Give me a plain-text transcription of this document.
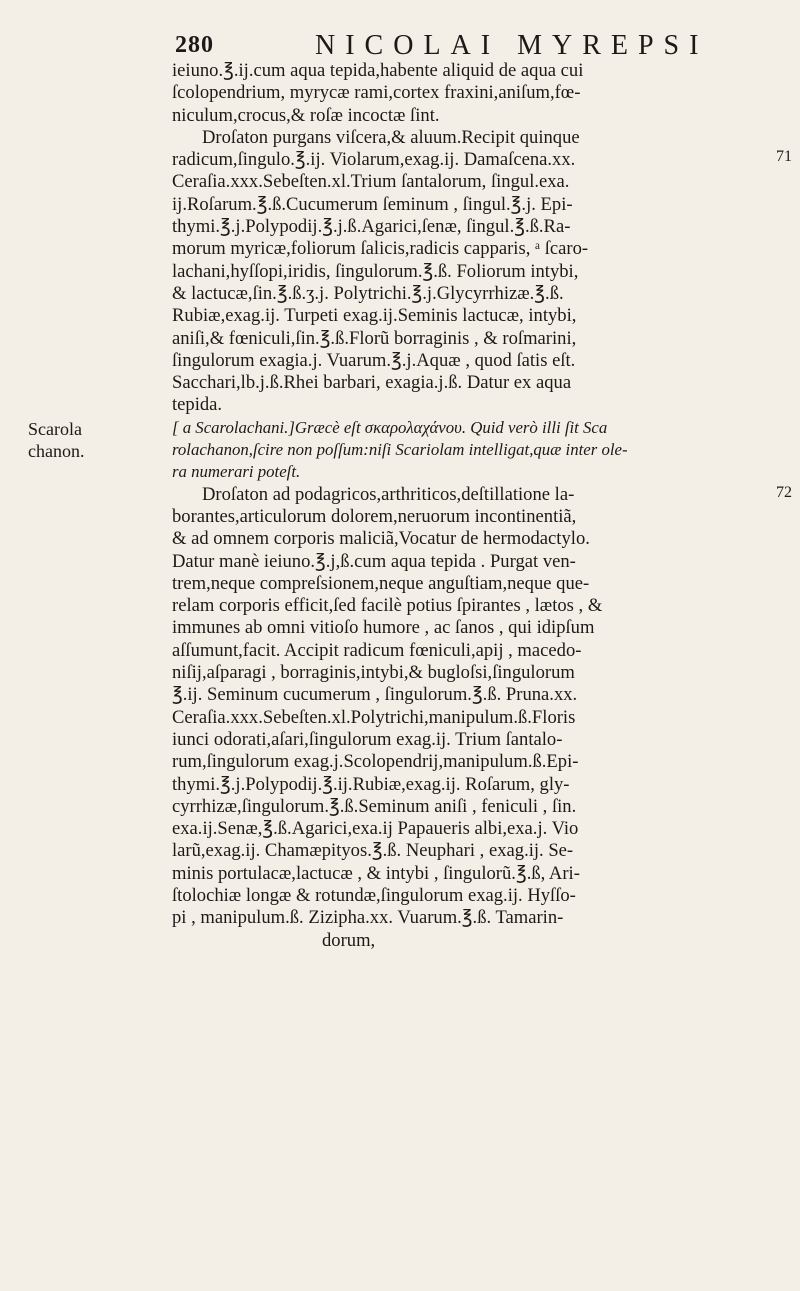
280	NICOLAI MYREPSI
ieiuno.℥.ij.cum aqua tepida,habente aliquid de aqua cui
ſcolopendrium, myrycæ rami,cortex fraxini,aniſum,fœ-
niculum,crocus,& roſæ incoctæ ſint.
Droſaton purgans viſcera,& aluum.Recipit quinque
radicum,ſingulo.℥.ij. Violarum,exag.ij. Damaſcena.xx.
Ceraſia.xxx.Sebeſten.xl.Trium ſantalorum, ſingul.exa.
ij.Roſarum.℥.ß.Cucumerum ſeminum , ſingul.℥.j. Epi-
thymi.℥.j.Polypodij.℥.j.ß.Agarici,ſenæ, ſingul.℥.ß.Ra-
morum myricæ,foliorum ſalicis,radicis capparis, ᵃ ſcaro-
lachani,hyſſopi,iridis, ſingulorum.℥.ß. Foliorum intybi,
& lactucæ,ſin.℥.ß.ʒ.j. Polytrichi.℥.j.Glycyrrhizæ.℥.ß.
Rubiæ,exag.ij. Turpeti exag.ij.Seminis lactucæ, intybi,
aniſi,& fœniculi,ſin.℥.ß.Florũ borraginis , & roſmarini,
ſingulorum exagia.j. Vuarum.℥.j.Aquæ , quod ſatis eſt.
Sacchari,lb.j.ß.Rhei barbari, exagia.j.ß. Datur ex aqua
tepida.
[ a Scarolachani.]Græcè eſt σκαρολαχάνου. Quid verò illi ſit Sca
rolachanon,ſcire non poſſum:niſi Scariolam intelligat,quæ inter ole-
ra numerari poteſt.
Droſaton ad podagricos,arthriticos,deſtillatione la-
borantes,articulorum dolorem,neruorum incontinentiã,
& ad omnem corporis maliciã,Vocatur de hermodactylo.
Datur manè ieiuno.℥.j,ß.cum aqua tepida . Purgat ven-
trem,neque compreſsionem,neque anguſtiam,neque que-
relam corporis efficit,ſed facilè potius ſpirantes , lætos , &
immunes ab omni vitioſo humore , ac ſanos , qui idipſum
aſſumunt,facit. Accipit radicum fœniculi,apij , macedo-
niſij,aſparagi , borraginis,intybi,& bugloſsi,ſingulorum
℥.ij. Seminum cucumerum , ſingulorum.℥.ß. Pruna.xx.
Ceraſia.xxx.Sebeſten.xl.Polytrichi,manipulum.ß.Floris
iunci odorati,aſari,ſingulorum exag.ij. Trium ſantalo-
rum,ſingulorum exag.j.Scolopendrij,manipulum.ß.Epi-
thymi.℥.j.Polypodij.℥.ij.Rubiæ,exag.ij. Roſarum, gly-
cyrrhizæ,ſingulorum.℥.ß.Seminum aniſi , feniculi , ſin.
exa.ij.Senæ,℥.ß.Agarici,exa.ij Papaueris albi,exa.j. Vio
larũ,exag.ij. Chamæpityos.℥.ß. Neuphari , exag.ij. Se-
minis portulacæ,lactucæ , & intybi , ſingulorũ.℥.ß, Ari-
ſtolochiæ longæ & rotundæ,ſingulorum exag.ij. Hyſſo-
pi , manipulum.ß. Zizipha.xx. Vuarum.℥.ß. Tamarin-
dorum,
Scarola
chanon.
71
72
